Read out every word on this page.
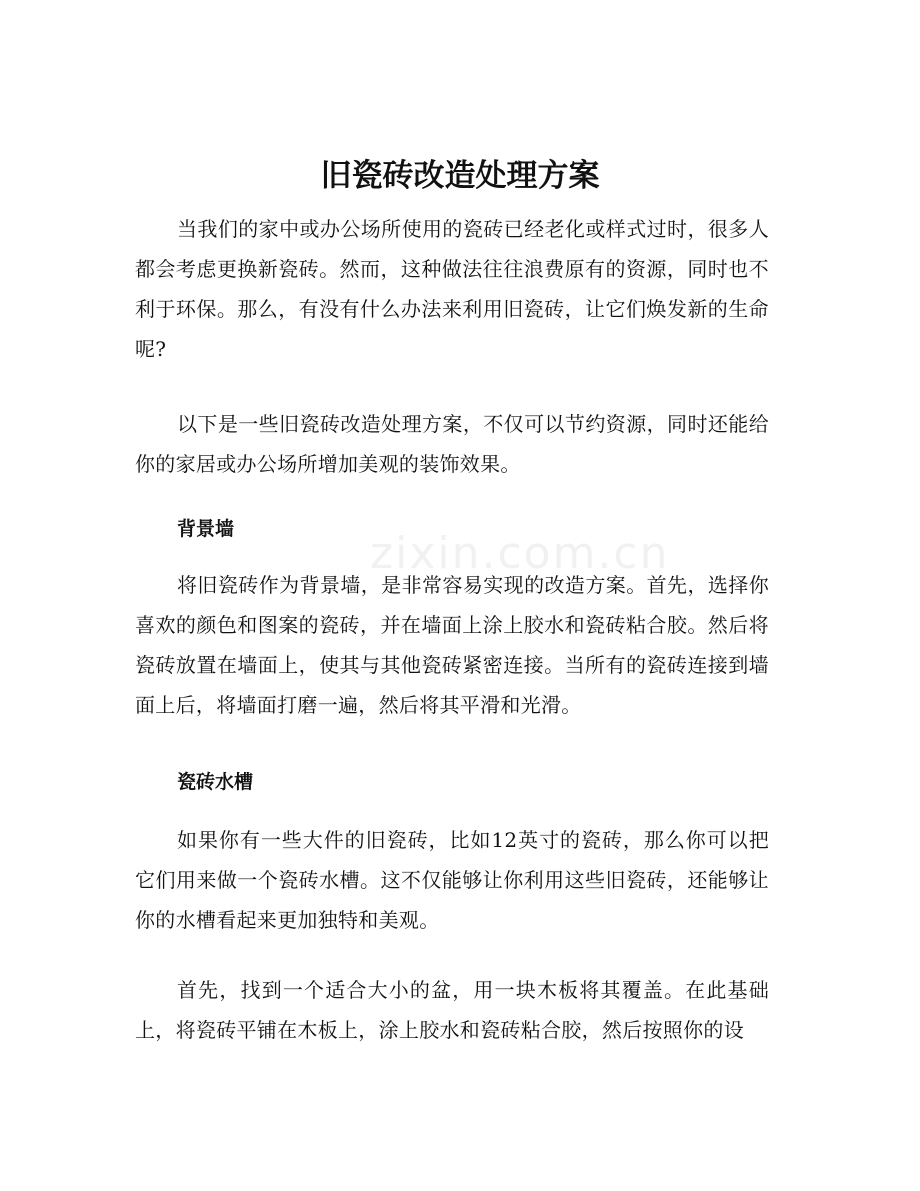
zixin.com.cn
旧瓷砖改造处理方案

当我们的家中或办公场所使用的瓷砖已经老化或样式过时，很多人都会考虑更换新瓷砖。然而，这种做法往往浪费原有的资源，同时也不利于环保。那么，有没有什么办法来利用旧瓷砖，让它们焕发新的生命呢?

以下是一些旧瓷砖改造处理方案，不仅可以节约资源，同时还能给你的家居或办公场所增加美观的装饰效果。

背景墙

将旧瓷砖作为背景墙，是非常容易实现的改造方案。首先，选择你喜欢的颜色和图案的瓷砖，并在墙面上涂上胶水和瓷砖粘合胶。然后将瓷砖放置在墙面上，使其与其他瓷砖紧密连接。当所有的瓷砖连接到墙面上后，将墙面打磨一遍，然后将其平滑和光滑。

瓷砖水槽

如果你有一些大件的旧瓷砖，比如12英寸的瓷砖，那么你可以把它们用来做一个瓷砖水槽。这不仅能够让你利用这些旧瓷砖，还能够让你的水槽看起来更加独特和美观。

首先，找到一个适合大小的盆，用一块木板将其覆盖。在此基础上，将瓷砖平铺在木板上，涂上胶水和瓷砖粘合胶，然后按照你的设
